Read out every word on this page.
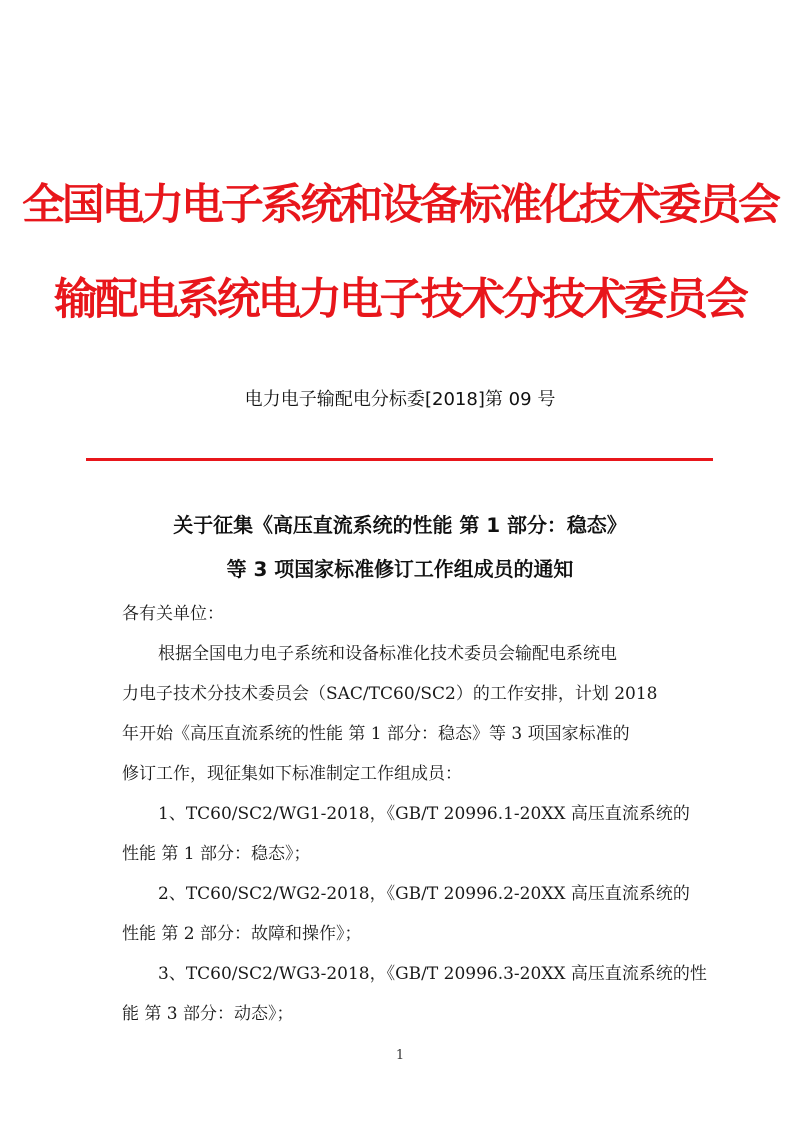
全国电力电子系统和设备标准化技术委员会
输配电系统电力电子技术分技术委员会
电力电子输配电分标委[2018]第 09 号
关于征集《高压直流系统的性能 第 1 部分：稳态》
等 3 项国家标准修订工作组成员的通知
各有关单位：
根据全国电力电子系统和设备标准化技术委员会输配电系统电
力电子技术分技术委员会（SAC/TC60/SC2）的工作安排，计划 2018
年开始《高压直流系统的性能 第 1 部分：稳态》等 3 项国家标准的
修订工作，现征集如下标准制定工作组成员：
1、TC60/SC2/WG1-2018，《GB/T 20996.1-20XX 高压直流系统的
性能 第 1 部分：稳态》；
2、TC60/SC2/WG2-2018，《GB/T 20996.2-20XX 高压直流系统的
性能 第 2 部分：故障和操作》；
3、TC60/SC2/WG3-2018，《GB/T 20996.3-20XX 高压直流系统的性
能 第 3 部分：动态》；
1
